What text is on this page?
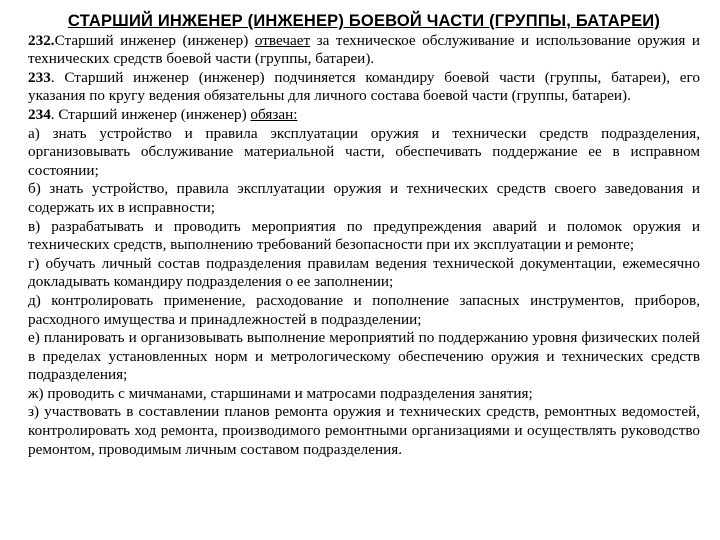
СТАРШИЙ ИНЖЕНЕР (ИНЖЕНЕР) БОЕВОЙ ЧАСТИ (ГРУППЫ, БАТАРЕИ)

232.Старший инженер (инженер) отвечает за техническое обслуживание и использование оружия и технических средств боевой части (группы, батареи).

233. Старший инженер (инженер) подчиняется командиру боевой части (группы, батареи), его указания по кругу ведения обязательны для личного состава боевой части (группы, батареи).

234. Старший инженер (инженер) обязан:

а) знать устройство и правила эксплуатации оружия и технически средств подразделения, организовывать обслуживание материальной части, обеспечивать поддержание ее в исправном состоянии;

б) знать устройство, правила эксплуатации оружия и технических средств своего заведования и содержать их в исправности;

в) разрабатывать и проводить мероприятия по предупреждения аварий и поломок оружия и технических средств, выполнению требований безопасности при их эксплуатации и ремонте;

г) обучать личный состав подразделения правилам ведения технической документации, ежемесячно докладывать командиру подразделения о ее заполнении;

д) контролировать применение, расходование и пополнение запасных инструментов, приборов, расходного имущества и принадлежностей в подразделении;

е) планировать и организовывать выполнение мероприятий по поддержанию уровня физических полей в пределах установленных норм и метрологическому обеспечению оружия и технических средств подразделения;

ж) проводить с мичманами, старшинами и матросами подразделения занятия;

з) участвовать в составлении планов ремонта оружия и технических средств, ремонтных ведомостей, контролировать ход ремонта, производимого ремонтными организациями и осуществлять руководство ремонтом, проводимым личным составом подразделения.
